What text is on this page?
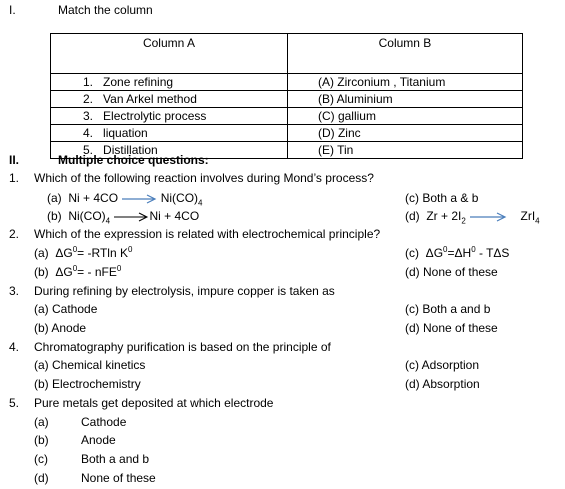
I.	Match the column
Column A	Column B
1. Zone refining	(A) Zirconium , Titanium
2. Van Arkel method	(B) Aluminium
3. Electrolytic process	(C) gallium
4. liquation	(D) Zinc
5. Distillation	(E) Tin
II.	Multiple choice questions:
1. Which of the following reaction involves during Mond’s process?
(a) Ni + 4CO	$Ni(CO)_4$
(b) $Ni(CO)_4$	Ni + 4CO
(c) Both a & b
(d) $Zr + 2I_2$	ZrI$_4$
2. Which of the expression is related with electrochemical principle?
(a) $\Delta G^0= -RTln$ $K^0$
(b) $\Delta G^0= - nFE^0$
(c) $\Delta G^0=\Delta H^0 - T\Delta S$
(d) None of these
3. During refining by electrolysis, impure copper is taken as
(a) Cathode
(b) Anode
(c) Both a and b
(d) None of these
4. Chromatography purification is based on the principle of
(a) Chemical kinetics
(b) Electrochemistry
(c) Adsorption
(d) Absorption
5. Pure metals get deposited at which electrode
(a)	Cathode
(b)	Anode
(c)	Both a and b
(d)	None of these
